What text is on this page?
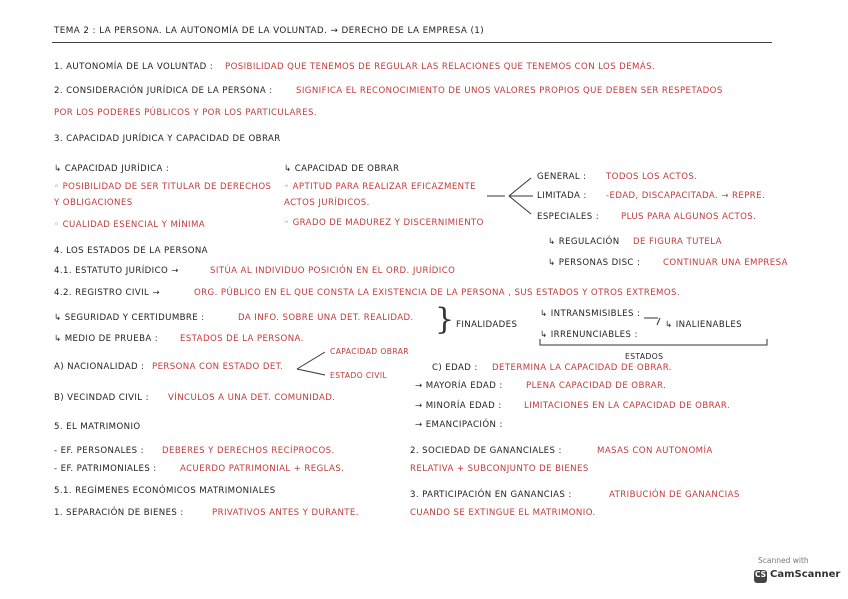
TEMA 2 : LA PERSONA. LA AUTONOMÍA DE LA VOLUNTAD. → DERECHO DE LA EMPRESA (1)
1. AUTONOMÍA DE LA VOLUNTAD : POSIBILIDAD QUE TENEMOS DE REGULAR LAS RELACIONES QUE TENEMOS CON LOS DEMÁS.
2. CONSIDERACIÓN JURÍDICA DE LA PERSONA :	SIGNIFICA EL RECONOCIMIENTO DE UNOS VALORES PROPIOS QUE DEBEN SER RESPETADOS
POR LOS PODERES PÚBLICOS Y POR LOS PARTICULARES.
3. CAPACIDAD JURÍDICA Y CAPACIDAD DE OBRAR
↳ CAPACIDAD JURÍDICA :
◦ POSIBILIDAD DE SER TITULAR DE DERECHOS
Y OBLIGACIONES
◦ CUALIDAD ESENCIAL Y MÍNIMA
↳ CAPACIDAD DE OBRAR
◦ APTITUD PARA REALIZAR EFICAZMENTE
ACTOS JURÍDICOS.
◦ GRADO DE MADUREZ Y DISCERNIMIENTO
GENERAL : TODOS LOS ACTOS.
LIMITADA : -EDAD, DISCAPACITADA. → REPRE.
ESPECIALES :	PLUS PARA ALGUNOS ACTOS.
↳ REGULACIÓN DE FIGURA TUTELA
↳ PERSONAS DISC :	CONTINUAR UNA EMPRESA
4. LOS ESTADOS DE LA PERSONA
4.1. ESTATUTO JURÍDICO →	SITÚA AL INDIVIDUO POSICIÓN EN EL ORD. JURÍDICO
4.2. REGISTRO CIVIL →	ORG. PÚBLICO EN EL QUE CONSTA LA EXISTENCIA DE LA PERSONA , SUS ESTADOS Y OTROS EXTREMOS.
↳ SEGURIDAD Y CERTIDUMBRE :	DA INFO. SOBRE UNA DET. REALIDAD.
↳ MEDIO DE PRUEBA :	ESTADOS DE LA PERSONA.
} FINALIDADES
↳ INTRANSMISIBLES :
↳ IRRENUNCIABLES :
↳ INALIENABLES
ESTADOS
A) NACIONALIDAD : PERSONA CON ESTADO DET.
CAPACIDAD OBRAR
ESTADO CIVIL
B) VECINDAD CIVIL : VÍNCULOS A UNA DET. COMUNIDAD.
C) EDAD : DETERMINA LA CAPACIDAD DE OBRAR.
→ MAYORÍA EDAD :	PLENA CAPACIDAD DE OBRAR.
→ MINORÍA EDAD :	LIMITACIONES EN LA CAPACIDAD DE OBRAR.
→ EMANCIPACIÓN :
5. EL MATRIMONIO
- EF. PERSONALES : DEBERES Y DERECHOS RECÍPROCOS.
- EF. PATRIMONIALES :	ACUERDO PATRIMONIAL + REGLAS.
5.1. REGÍMENES ECONÓMICOS MATRIMONIALES
1. SEPARACIÓN DE BIENES :	PRIVATIVOS ANTES Y DURANTE.
2. SOCIEDAD DE GANANCIALES :	MASAS CON AUTONOMÍA
RELATIVA + SUBCONJUNTO DE BIENES
3. PARTICIPACIÓN EN GANANCIAS :	ATRIBUCIÓN DE GANANCIAS
CUANDO SE EXTINGUE EL MATRIMONIO.
Scanned with
CS CamScanner
